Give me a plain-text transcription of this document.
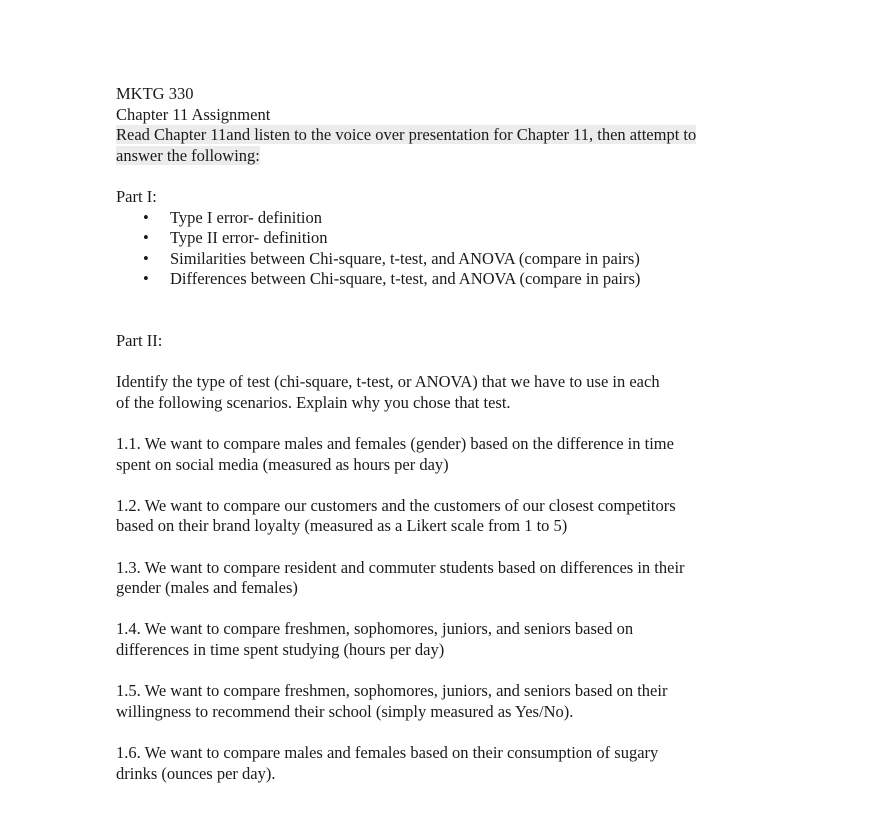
MKTG 330
Chapter 11 Assignment
Read Chapter 11and listen to the voice over presentation for Chapter 11, then attempt to
answer the following:
Part I:
• Type I error- definition
• Type II error- definition
• Similarities between Chi-square, t-test, and ANOVA (compare in pairs)
• Differences between Chi-square, t-test, and ANOVA (compare in pairs)
Part II:
Identify the type of test (chi-square, t-test, or ANOVA) that we have to use in each
of the following scenarios. Explain why you chose that test.
1.1. We want to compare males and females (gender) based on the difference in time
spent on social media (measured as hours per day)
1.2. We want to compare our customers and the customers of our closest competitors
based on their brand loyalty (measured as a Likert scale from 1 to 5)
1.3. We want to compare resident and commuter students based on differences in their
gender (males and females)
1.4. We want to compare freshmen, sophomores, juniors, and seniors based on
differences in time spent studying (hours per day)
1.5. We want to compare freshmen, sophomores, juniors, and seniors based on their
willingness to recommend their school (simply measured as Yes/No).
1.6. We want to compare males and females based on their consumption of sugary
drinks (ounces per day).
